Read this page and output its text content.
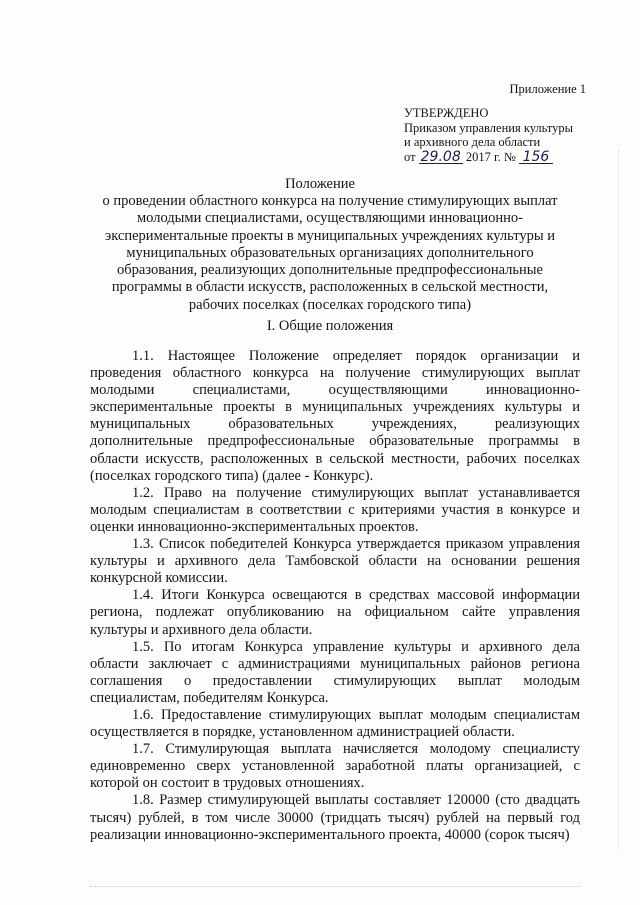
Приложение 1
УТВЕРЖДЕНО
Приказом управления культуры
и архивного дела области
от 29.08 2017 г. № 156
Положение
о проведении областного конкурса на получение стимулирующих выплат молодыми специалистами, осуществляющими инновационно-экспериментальные проекты в муниципальных учреждениях культуры и муниципальных образовательных организациях дополнительного образования, реализующих дополнительные предпрофессиональные программы в области искусств, расположенных в сельской местности, рабочих поселках (поселках городского типа)
I. Общие положения

1.1. Настоящее Положение определяет порядок организации и проведения областного конкурса на получение стимулирующих выплат молодыми специалистами, осуществляющими инновационно-экспериментальные проекты в муниципальных учреждениях культуры и муниципальных образовательных учреждениях, реализующих дополнительные предпрофессиональные образовательные программы в области искусств, расположенных в сельской местности, рабочих поселках (поселках городского типа) (далее - Конкурс).

1.2. Право на получение стимулирующих выплат устанавливается молодым специалистам в соответствии с критериями участия в конкурсе и оценки инновационно-экспериментальных проектов.

1.3. Список победителей Конкурса утверждается приказом управления культуры и архивного дела Тамбовской области на основании решения конкурсной комиссии.

1.4. Итоги Конкурса освещаются в средствах массовой информации региона, подлежат опубликованию на официальном сайте управления культуры и архивного дела области.

1.5. По итогам Конкурса управление культуры и архивного дела области заключает с администрациями муниципальных районов региона соглашения о предоставлении стимулирующих выплат молодым специалистам, победителям Конкурса.

1.6. Предоставление стимулирующих выплат молодым специалистам осуществляется в порядке, установленном администрацией области.

1.7. Стимулирующая выплата начисляется молодому специалисту единовременно сверх установленной заработной платы организацией, с которой он состоит в трудовых отношениях.

1.8. Размер стимулирующей выплаты составляет 120000 (сто двадцать тысяч) рублей, в том числе 30000 (тридцать тысяч) рублей на первый год реализации инновационно-экспериментального проекта, 40000 (сорок тысяч)
